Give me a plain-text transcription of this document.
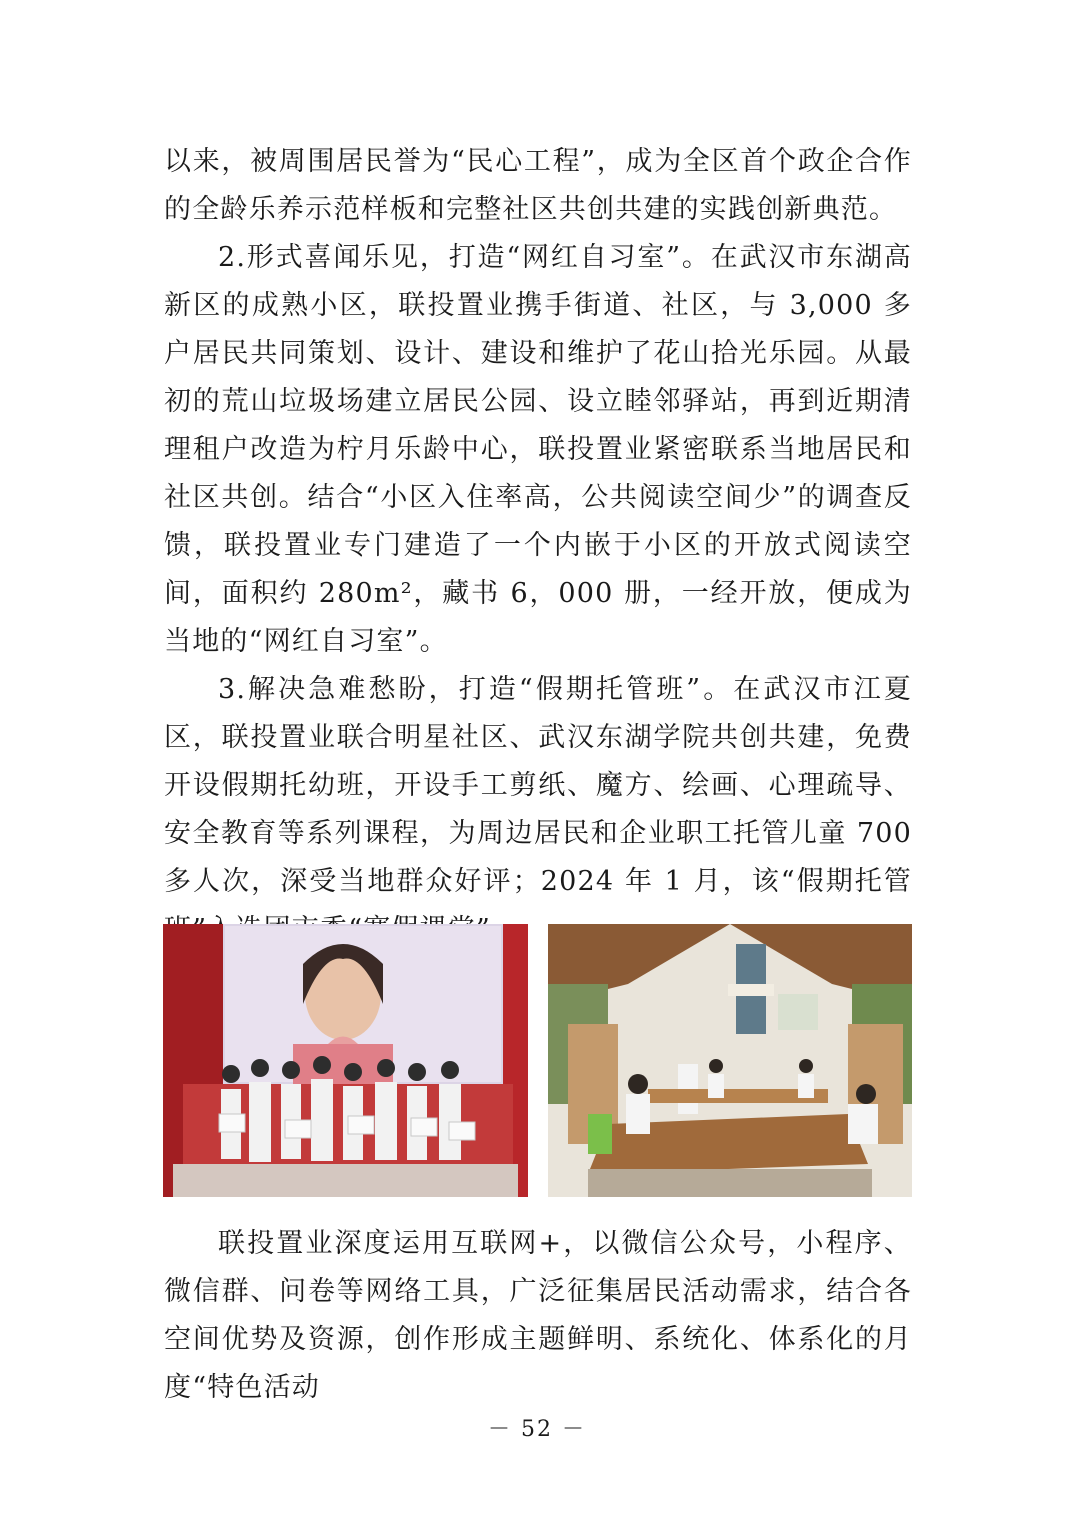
以来，被周围居民誉为“民心工程”，成为全区首个政企合作的全龄乐养示范样板和完整社区共创共建的实践创新典范。

2.形式喜闻乐见，打造“网红自习室”。在武汉市东湖高新区的成熟小区，联投置业携手街道、社区，与 3,000 多户居民共同策划、设计、建设和维护了花山拾光乐园。从最初的荒山垃圾场建立居民公园、设立睦邻驿站，再到近期清理租户改造为柠月乐龄中心，联投置业紧密联系当地居民和社区共创。结合“小区入住率高，公共阅读空间少”的调查反馈，联投置业专门建造了一个内嵌于小区的开放式阅读空间，面积约 280m²，藏书 6，000 册，一经开放，便成为当地的“网红自习室”。

3.解决急难愁盼，打造“假期托管班”。在武汉市江夏区，联投置业联合明星社区、武汉东湖学院共创共建，免费开设假期托幼班，开设手工剪纸、魔方、绘画、心理疏导、安全教育等系列课程，为周边居民和企业职工托管儿童 700 多人次，深受当地群众好评；2024 年 1 月，该“假期托管

联投置业深度运用互联网+，以微信公众号，小程序、微信群、问卷等网络工具，广泛征集居民活动需求，结合各空间优势及资源，创作形成主题鲜明、系统化、体系化的月度“特色活动

－ 52 －
